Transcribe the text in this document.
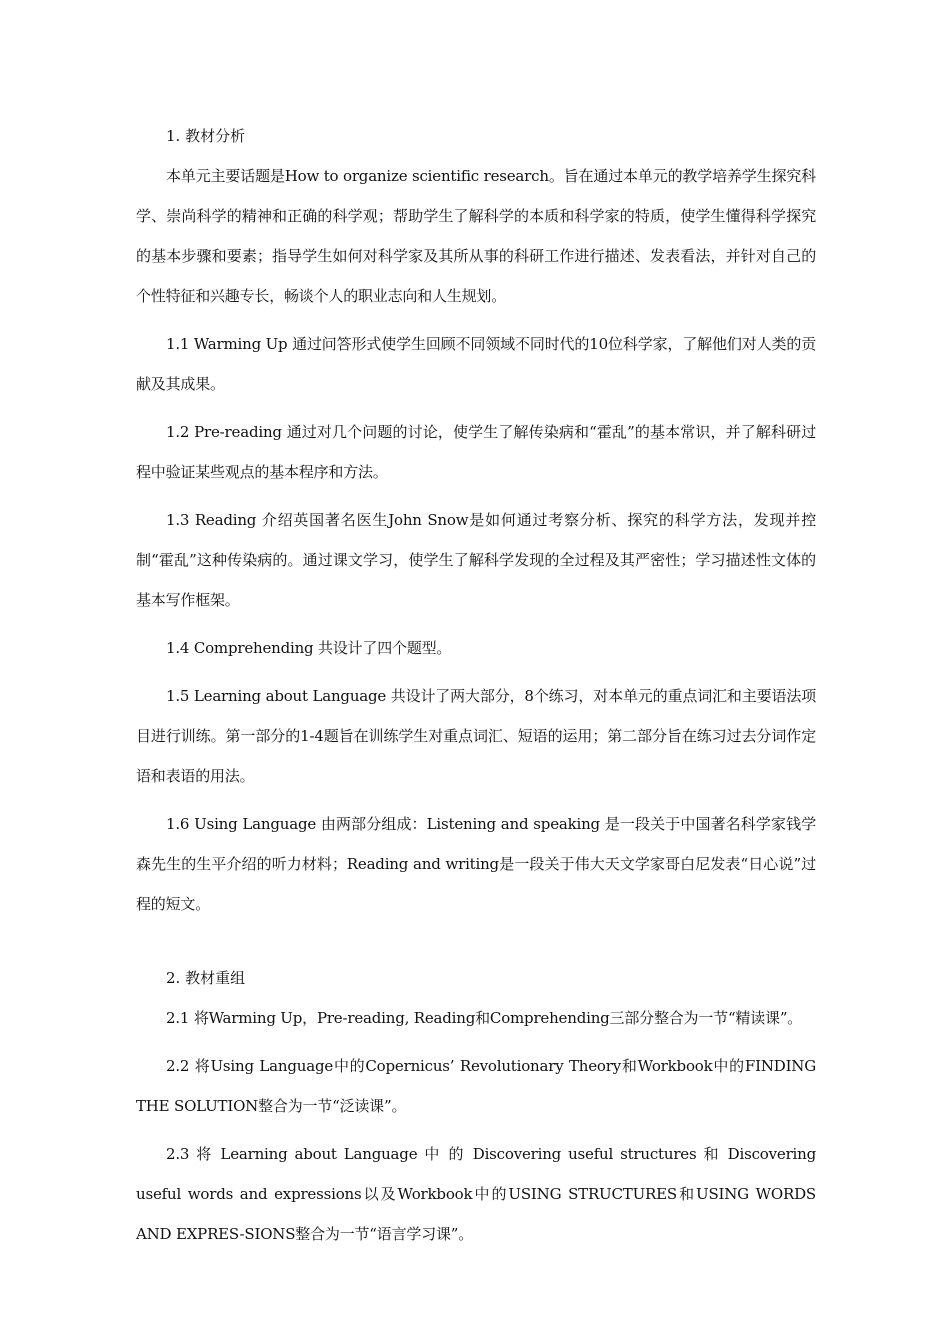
1. 教材分析

本单元主要话题是How to organize scientific research。旨在通过本单元的教学培养学生探究科学、崇尚科学的精神和正确的科学观；帮助学生了解科学的本质和科学家的特质，使学生懂得科学探究的基本步骤和要素；指导学生如何对科学家及其所从事的科研工作进行描述、发表看法，并针对自己的个性特征和兴趣专长，畅谈个人的职业志向和人生规划。

1.1 Warming Up 通过问答形式使学生回顾不同领域不同时代的10位科学家，了解他们对人类的贡献及其成果。

1.2 Pre-reading 通过对几个问题的讨论，使学生了解传染病和“霍乱”的基本常识，并了解科研过程中验证某些观点的基本程序和方法。

1.3 Reading 介绍英国著名医生John Snow是如何通过考察分析、探究的科学方法，发现并控制“霍乱”这种传染病的。通过课文学习，使学生了解科学发现的全过程及其严密性；学习描述性文体的基本写作框架。

1.4 Comprehending 共设计了四个题型。

1.5 Learning about Language 共设计了两大部分，8个练习，对本单元的重点词汇和主要语法项目进行训练。第一部分的1-4题旨在训练学生对重点词汇、短语的运用；第二部分旨在练习过去分词作定语和表语的用法。

1.6 Using Language 由两部分组成：Listening and speaking 是一段关于中国著名科学家钱学森先生的生平介绍的听力材料；Reading and writing是一段关于伟大天文学家哥白尼发表“日心说”过程的短文。

2. 教材重组

2.1 将Warming Up，Pre-reading, Reading和Comprehending三部分整合为一节“精读课”。

2.2 将Using Language中的Copernicus’ Revolutionary Theory和Workbook中的FINDING THE SOLUTION整合为一节“泛读课”。

2.3 将 Learning about Language 中 的 Discovering useful structures 和 Discovering useful words and expressions以及Workbook中的USING STRUCTURES和USING WORDS AND EXPRES-SIONS整合为一节“语言学习课”。
